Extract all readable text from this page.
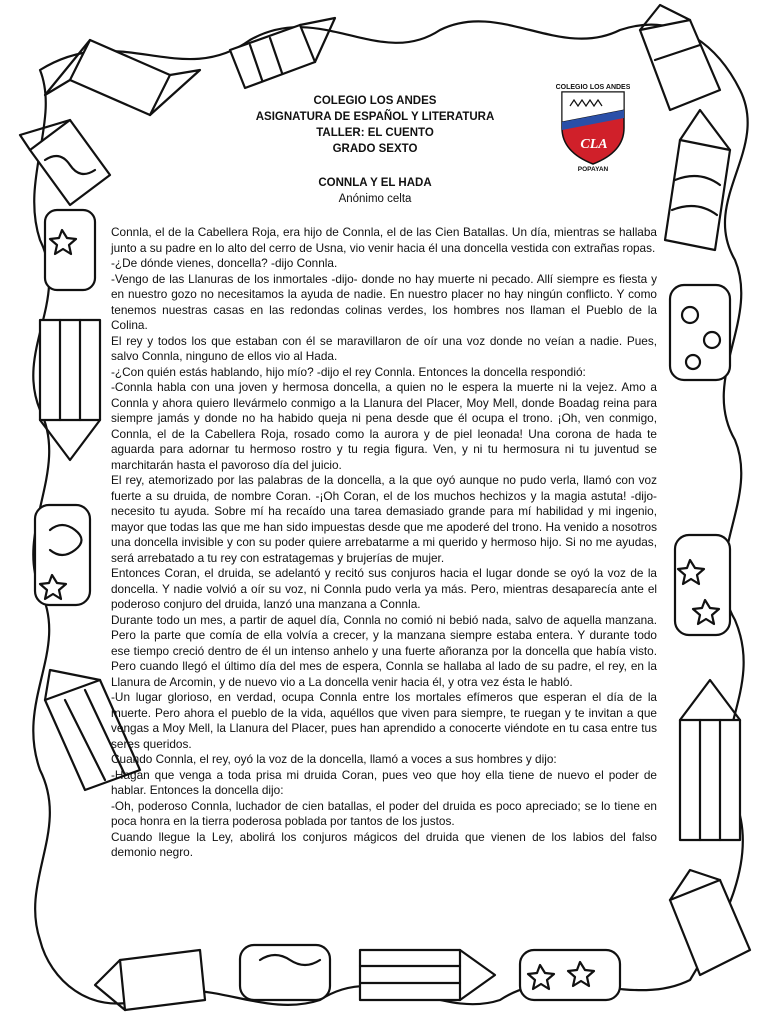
COLEGIO LOS ANDES
ASIGNATURA DE ESPAÑOL Y LITERATURA
TALLER: EL CUENTO
GRADO SEXTO
COLEGIO LOS ANDES
CLA
POPAYAN
CONNLA Y EL HADA
Anónimo celta

Connla, el de la Cabellera Roja, era hijo de Connla, el de las Cien Batallas. Un día, mientras se hallaba junto a su padre en lo alto del cerro de Usna, vio venir hacia él una doncella vestida con extrañas ropas.

-¿De dónde vienes, doncella? -dijo Connla.

-Vengo de las Llanuras de los inmortales -dijo- donde no hay muerte ni pecado. Allí siempre es fiesta y en nuestro gozo no necesitamos la ayuda de nadie. En nuestro placer no hay ningún conflicto. Y como tenemos nuestras casas en las redondas colinas verdes, los hombres nos llaman el Pueblo de la Colina.

El rey y todos los que estaban con él se maravillaron de oír una voz donde no veían a nadie. Pues, salvo Connla, ninguno de ellos vio al Hada.

-¿Con quién estás hablando, hijo mío? -dijo el rey Connla. Entonces la doncella respondió:

-Connla habla con una joven y hermosa doncella, a quien no le espera la muerte ni la vejez. Amo a Connla y ahora quiero llevármelo conmigo a la Llanura del Placer, Moy Mell, donde Boadag reina para siempre jamás y donde no ha habido queja ni pena desde que él ocupa el trono. ¡Oh, ven conmigo, Connla, el de la Cabellera Roja, rosado como la aurora y de piel leonada! Una corona de hada te aguarda para adornar tu hermoso rostro y tu regia figura. Ven, y ni tu hermosura ni tu juventud se marchitarán hasta el pavoroso día del juicio.

El rey, atemorizado por las palabras de la doncella, a la que oyó aunque no pudo verla, llamó con voz fuerte a su druida, de nombre Coran. -¡Oh Coran, el de los muchos hechizos y la magia astuta! -dijo- necesito tu ayuda. Sobre mí ha recaído una tarea demasiado grande para mí habilidad y mi ingenio, mayor que todas las que me han sido impuestas desde que me apoderé del trono. Ha venido a nosotros una doncella invisible y con su poder quiere arrebatarme a mi querido y hermoso hijo. Si no me ayudas, será arrebatado a tu rey con estratagemas y brujerías de mujer.

Entonces Coran, el druida, se adelantó y recitó sus conjuros hacia el lugar donde se oyó la voz de la doncella. Y nadie volvió a oír su voz, ni Connla pudo verla ya más. Pero, mientras desaparecía ante el poderoso conjuro del druida, lanzó una manzana a Connla.

Durante todo un mes, a partir de aquel día, Connla no comió ni bebió nada, salvo de aquella manzana. Pero la parte que comía de ella volvía a crecer, y la manzana siempre estaba entera. Y durante todo ese tiempo creció dentro de él un intenso anhelo y una fuerte añoranza por la doncella que había visto. Pero cuando llegó el último día del mes de espera, Connla se hallaba al lado de su padre, el rey, en la Llanura de Arcomin, y de nuevo vio a La doncella venir hacia él, y otra vez ésta le habló.

-Un lugar glorioso, en verdad, ocupa Connla entre los mortales efímeros que esperan el día de la muerte. Pero ahora el pueblo de la vida, aquéllos que viven para siempre, te ruegan y te invitan a que vengas a Moy Mell, la Llanura del Placer, pues han aprendido a conocerte viéndote en tu casa entre tus seres queridos.

Cuando Connla, el rey, oyó la voz de la doncella, llamó a voces a sus hombres y dijo:

-Hagan que venga a toda prisa mi druida Coran, pues veo que hoy ella tiene de nuevo el poder de hablar. Entonces la doncella dijo:

-Oh, poderoso Connla, luchador de cien batallas, el poder del druida es poco apreciado; se lo tiene en poca honra en la tierra poderosa poblada por tantos de los justos.

Cuando llegue la Ley, abolirá los conjuros mágicos del druida que vienen de los labios del falso demonio negro.
